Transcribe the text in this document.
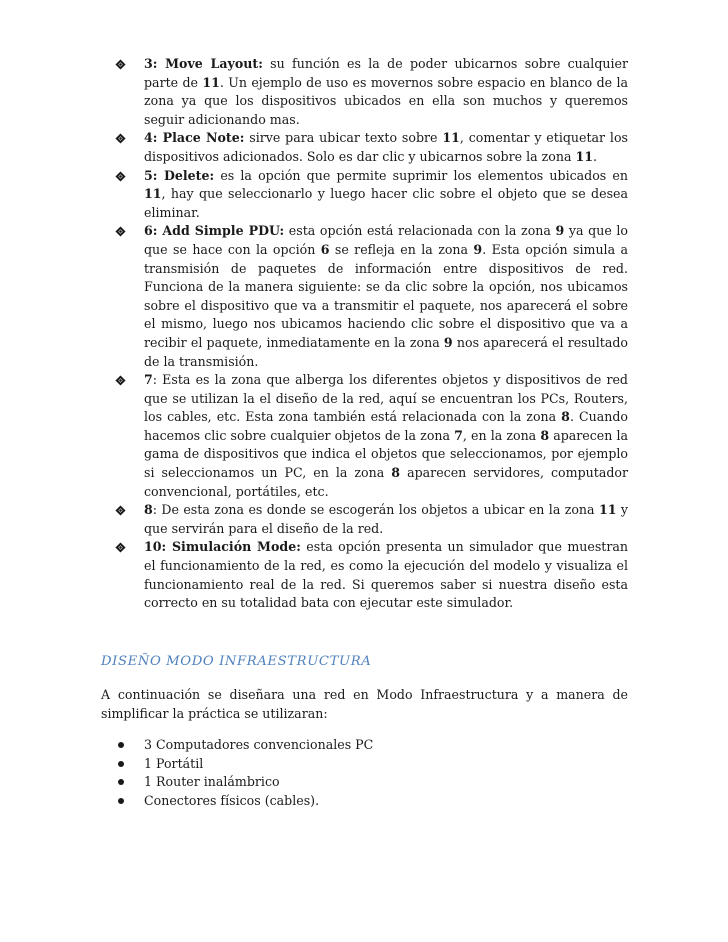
3: Move Layout: su función es la de poder ubicarnos sobre cualquier parte de 11. Un ejemplo de uso es movernos sobre espacio en blanco de la zona ya que los dispositivos ubicados en ella son muchos y queremos seguir adicionando mas.
4: Place Note: sirve para ubicar texto sobre 11, comentar y etiquetar los dispositivos adicionados. Solo es dar clic y ubicarnos sobre la zona 11.
5: Delete: es la opción que permite suprimir los elementos ubicados en 11, hay que seleccionarlo y luego hacer clic sobre el objeto que se desea eliminar.
6: Add Simple PDU: esta opción está relacionada con la zona 9 ya que lo que se hace con la opción 6 se refleja en la zona 9. Esta opción simula a transmisión de paquetes de información entre dispositivos de red. Funciona de la manera siguiente: se da clic sobre la opción, nos ubicamos sobre el dispositivo que va a transmitir el paquete, nos aparecerá el sobre el mismo, luego nos ubicamos haciendo clic sobre el dispositivo que va a recibir el paquete, inmediatamente en la zona 9 nos aparecerá el resultado de la transmisión.
7: Esta es la zona que alberga los diferentes objetos y dispositivos de red que se utilizan la el diseño de la red, aquí se encuentran los PCs, Routers, los cables, etc. Esta zona también está relacionada con la zona 8. Cuando hacemos clic sobre cualquier objetos de la zona 7, en la zona 8 aparecen la gama de dispositivos que indica el objetos que seleccionamos, por ejemplo si seleccionamos un PC, en la zona 8 aparecen servidores, computador convencional, portátiles, etc.
8: De esta zona es donde se escogerán los objetos a ubicar en la zona 11 y que servirán para el diseño de la red.
10: Simulación Mode: esta opción presenta un simulador que muestran el funcionamiento de la red, es como la ejecución del modelo y visualiza el funcionamiento real de la red. Si queremos saber si nuestra diseño esta correcto en su totalidad bata con ejecutar este simulador.
DISEÑO MODO INFRAESTRUCTURA

A continuación se diseñara una red en Modo Infraestructura y a manera de simplificar la práctica se utilizaran:

3 Computadores convencionales PC
1 Portátil
1 Router inalámbrico
Conectores físicos (cables).
